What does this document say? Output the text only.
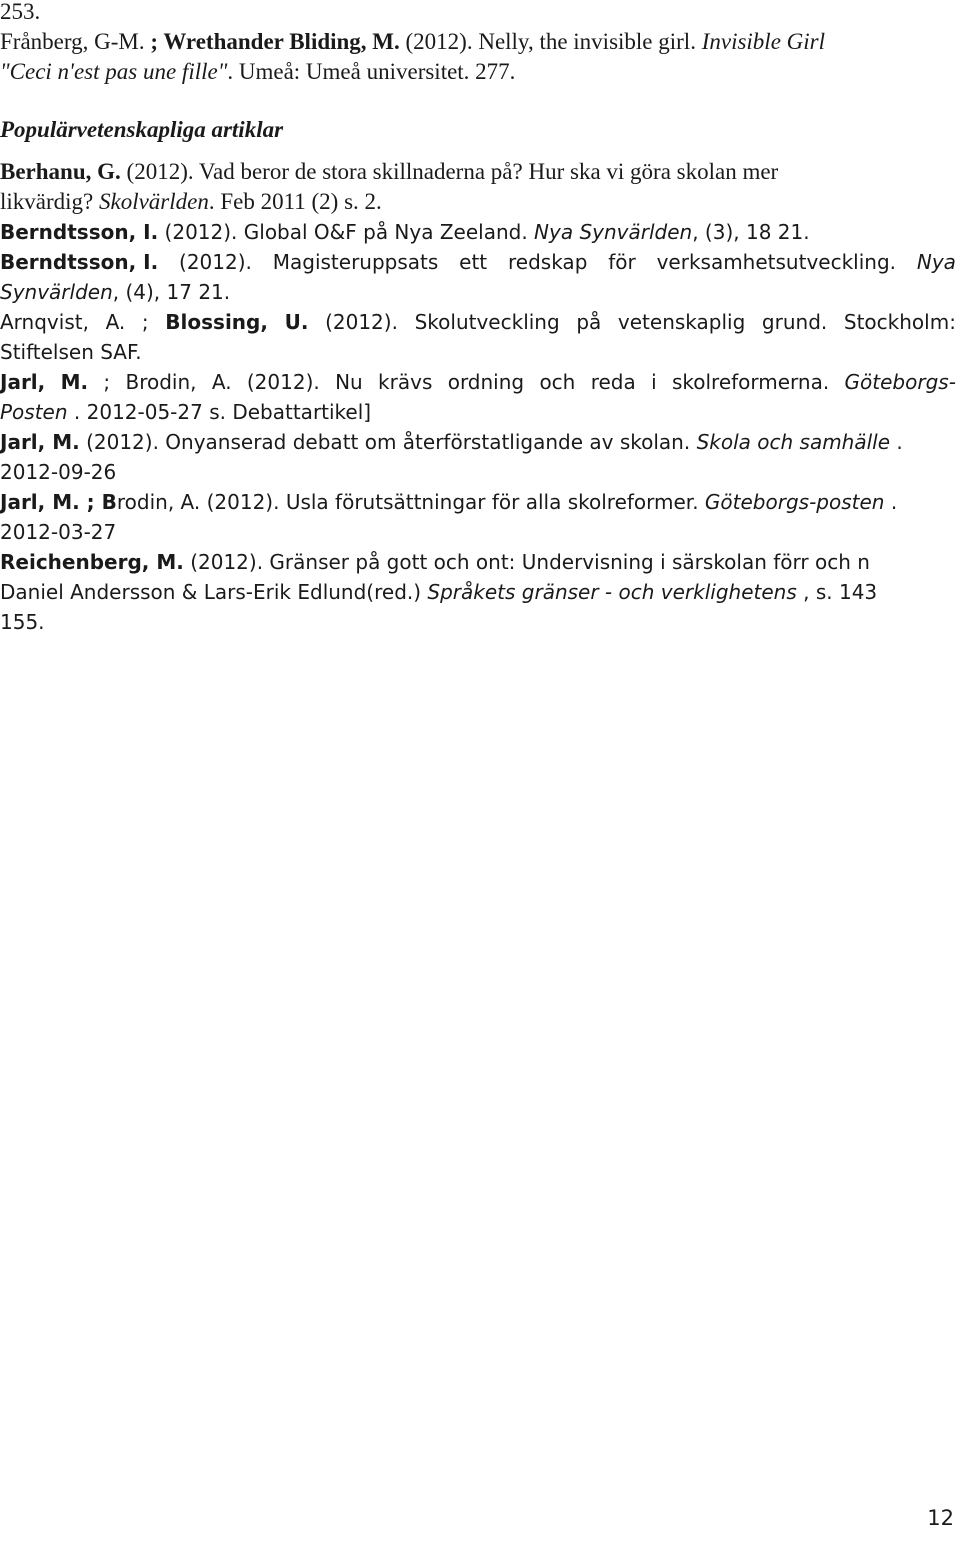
253.

Frånberg, G-M. ; Wrethander Bliding, M. (2012). Nelly, the invisible girl. Invisible Girl

"Ceci n'est pas une fille". Umeå: Umeå universitet. 277.

Populärvetenskapliga artiklar

Berhanu, G. (2012). Vad beror de stora skillnaderna på? Hur ska vi göra skolan mer

likvärdig? Skolvärlden. Feb 2011 (2) s. 2.

Berndtsson, I. (2012). Global O&F på Nya Zeeland. Nya Synvärlden, (3), 18 21.

Berndtsson, I. (2012). Magisteruppsats ett redskap för verksamhetsutveckling. Nya

Synvärlden, (4), 17 21.

Arnqvist, A. ; Blossing, U. (2012). Skolutveckling på vetenskaplig grund. Stockholm:

Stiftelsen SAF.

Jarl, M. ; Brodin, A. (2012). Nu krävs ordning och reda i skolreformerna. Göteborgs-

Posten . 2012-05-27 s. Debattartikel]

Jarl, M. (2012). Onyanserad debatt om återförstatligande av skolan. Skola och samhälle .

2012-09-26

Jarl, M. ; Brodin, A. (2012). Usla förutsättningar för alla skolreformer. Göteborgs-posten .

2012-03-27

Reichenberg, M. (2012). Gränser på gott och ont: Undervisning i särskolan förr och n

Daniel Andersson & Lars-Erik Edlund(red.) Språkets gränser - och verklighetens , s. 143

155.

12
